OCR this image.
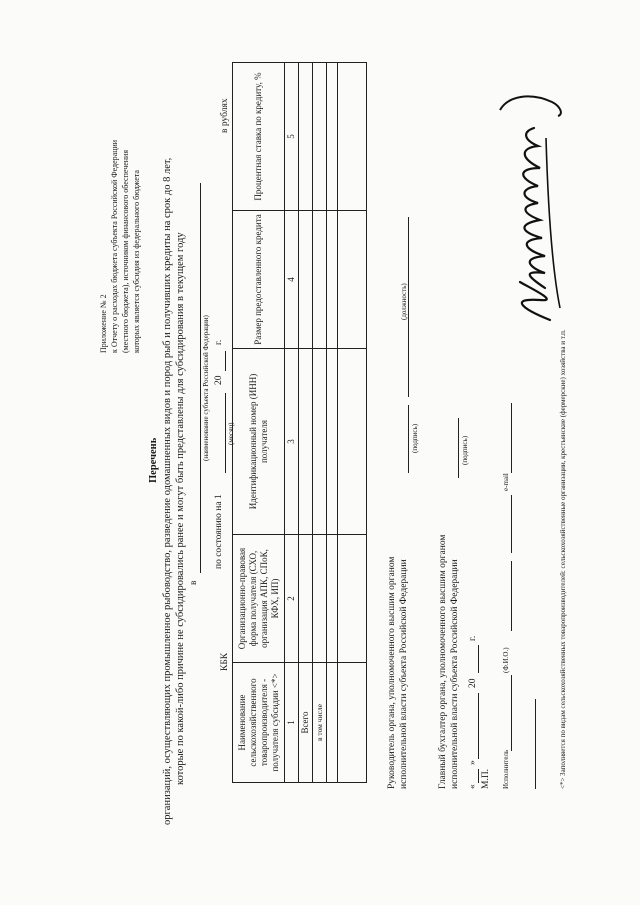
Приложение № 2 к Отчету о расходах бюджета субъекта Российской Федерации (местного бюджета), источником финансового обеспечения которых является субсидия из федерального бюджета
Перечень организаций, осуществляющих промышленное рыбоводство, разведение одомашненных видов и пород рыб и получивших кредиты на срок до 8 лет, которые по какой-либо причине не субсидировались ранее и могут быть представлены для субсидирования в текущем году в
(наименование субъекта Российской Федерации)
по состоянию на 1
20
г.
(месяц)
в рублях
Наименование сельскохозяйственного товаропроизводителя - получателя субсидии <*>	Организационно-правовая форма получателя (СХО, организация АПК, СПоК, КФХ, ИП)	Идентификационный номер (ИНН) получателя	Размер предоставленного кредита	Процентная ставка по кредиту, %
1	2	3	4	5
Всего				
в том числе				

					Руководитель органа, уполномоченного высшим органом исполнительной власти субъекта Российской Федерации
(подпись)
(должность)
Главный бухгалтер органа, уполномоченного высшим органом исполнительной власти субъекта Российской Федерации
(подпись)
«
»
20
г.
М.П. Исполнитель
(Ф.И.О.)
e-mail	<*> Заполняется по видам сельскохозяйственных товаропроизводителей: сельскохозяйственные организации, крестьянские (фермерские) хозяйства и т.п.
КБК
